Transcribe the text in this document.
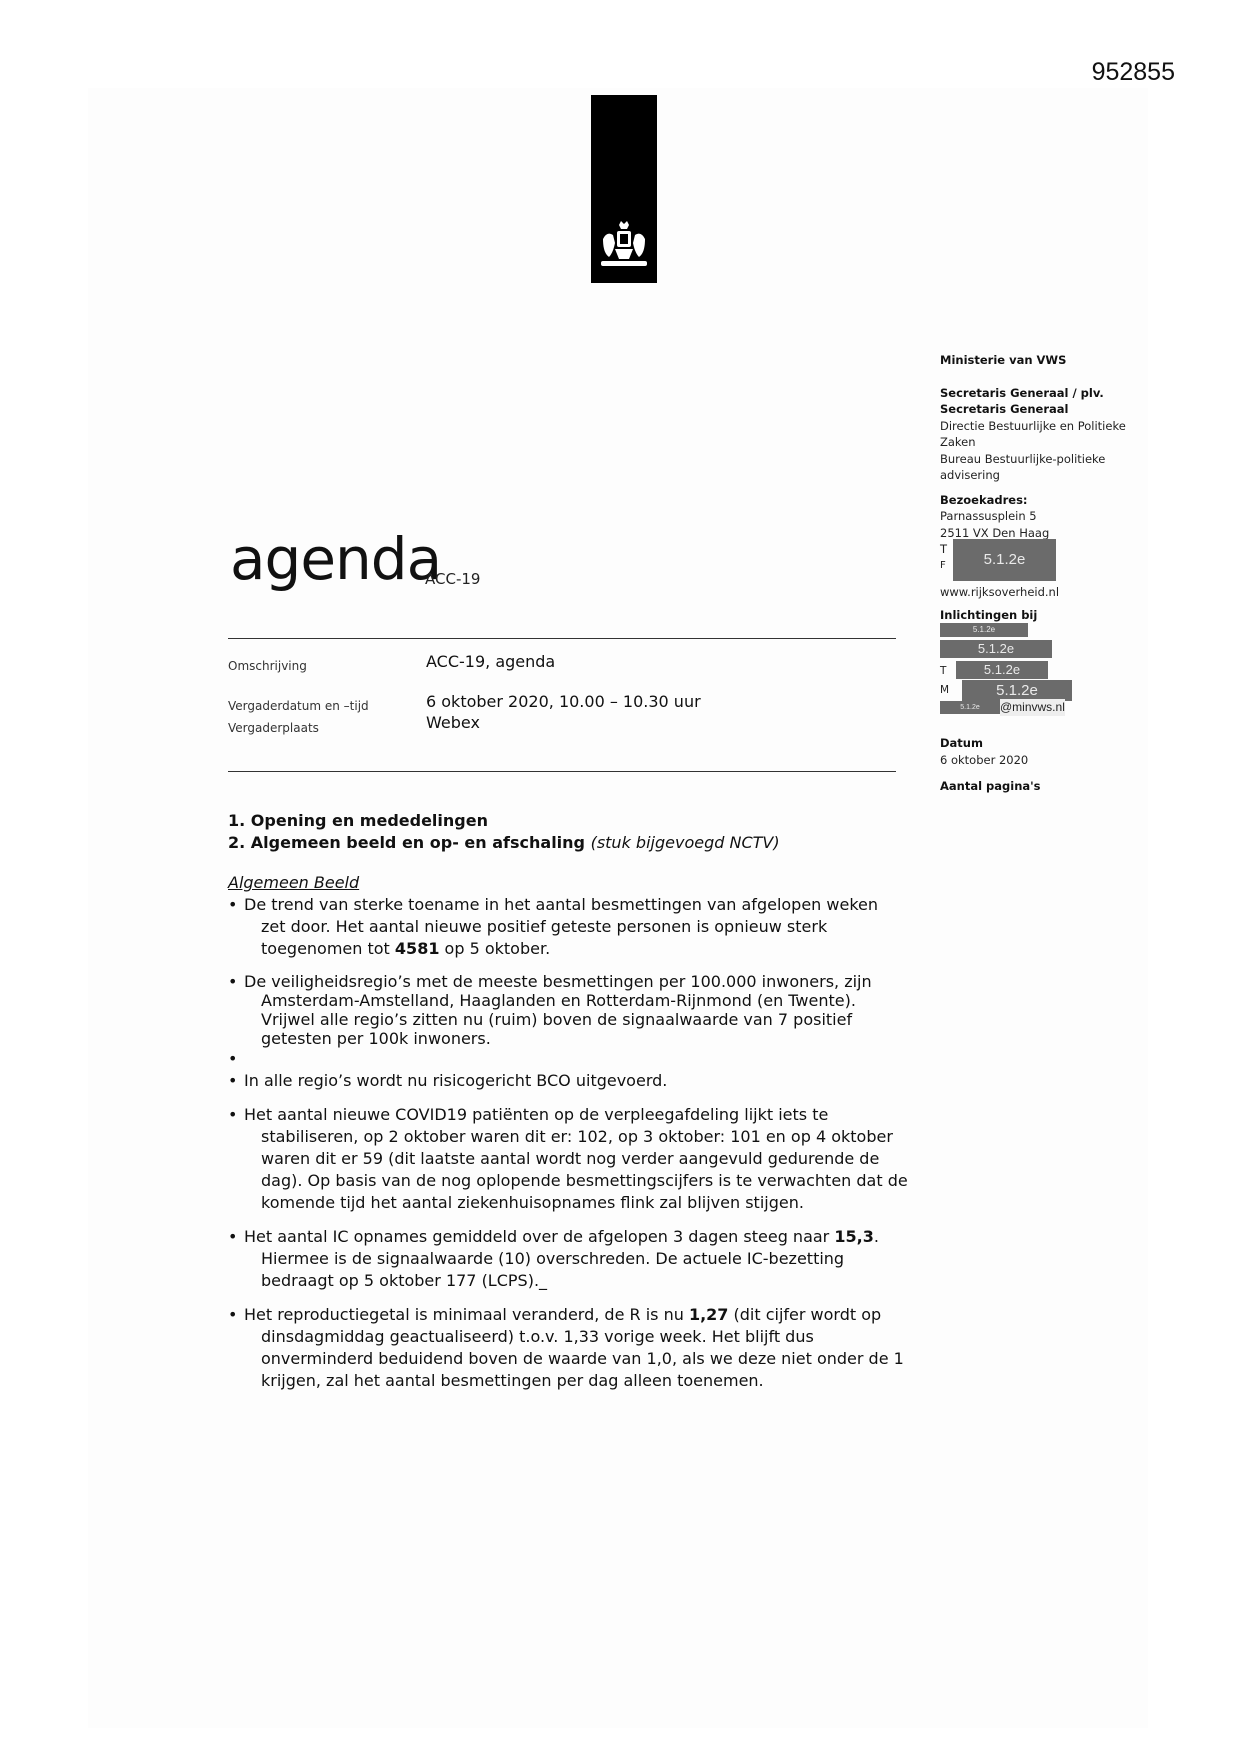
952855
Ministerie van VWS
Secretaris Generaal / plv.
Secretaris Generaal
Directie Bestuurlijke en Politieke
Zaken
Bureau Bestuurlijke-politieke
advisering
Bezoekadres:
Parnassusplein 5
2511 VX Den Haag
T
F	5.1.2e
www.rijksoverheid.nl
Inlichtingen bij
5.1.2e
5.1.2e
T	5.1.2e
M	5.1.2e
5.1.2e	@minvws.nl
Datum
6 oktober 2020
Aantal pagina's
agenda
ACC-19
Omschrijving	ACC-19, agenda
Vergaderdatum en –tijd	6 oktober 2020, 10.00 – 10.30 uur
Vergaderplaats	Webex
1. Opening en mededelingen
2. Algemeen beeld en op- en afschaling (stuk bijgevoegd NCTV)
Algemeen Beeld

• De trend van sterke toename in het aantal besmettingen van afgelopen weken
zet door. Het aantal nieuwe positief geteste personen is opnieuw sterk toegenomen tot 4581 op 5 oktober.

• De veiligheidsregio’s met de meeste besmettingen per 100.000 inwoners, zijn
Amsterdam-Amstelland, Haaglanden en Rotterdam-Rijnmond (en Twente). Vrijwel alle regio’s zitten nu (ruim) boven de signaalwaarde van 7 positief getesten per 100k inwoners.

•

• In alle regio’s wordt nu risicogericht BCO uitgevoerd.

• Het aantal nieuwe COVID19 patiënten op de verpleegafdeling lijkt iets te
stabiliseren, op 2 oktober waren dit er: 102, op 3 oktober: 101 en op 4 oktober waren dit er 59 (dit laatste aantal wordt nog verder aangevuld gedurende de dag). Op basis van de nog oplopende besmettingscijfers is te verwachten dat de komende tijd het aantal ziekenhuisopnames flink zal blijven stijgen.

• Het aantal IC opnames gemiddeld over de afgelopen 3 dagen steeg naar 15,3.
Hiermee is de signaalwaarde (10) overschreden. De actuele IC-bezetting bedraagt op 5 oktober 177 (LCPS)._

• Het reproductiegetal is minimaal veranderd, de R is nu 1,27 (dit cijfer wordt op
dinsdagmiddag geactualiseerd) t.o.v. 1,33 vorige week. Het blijft dus onverminderd beduidend boven de waarde van 1,0, als we deze niet onder de 1 krijgen, zal het aantal besmettingen per dag alleen toenemen.
